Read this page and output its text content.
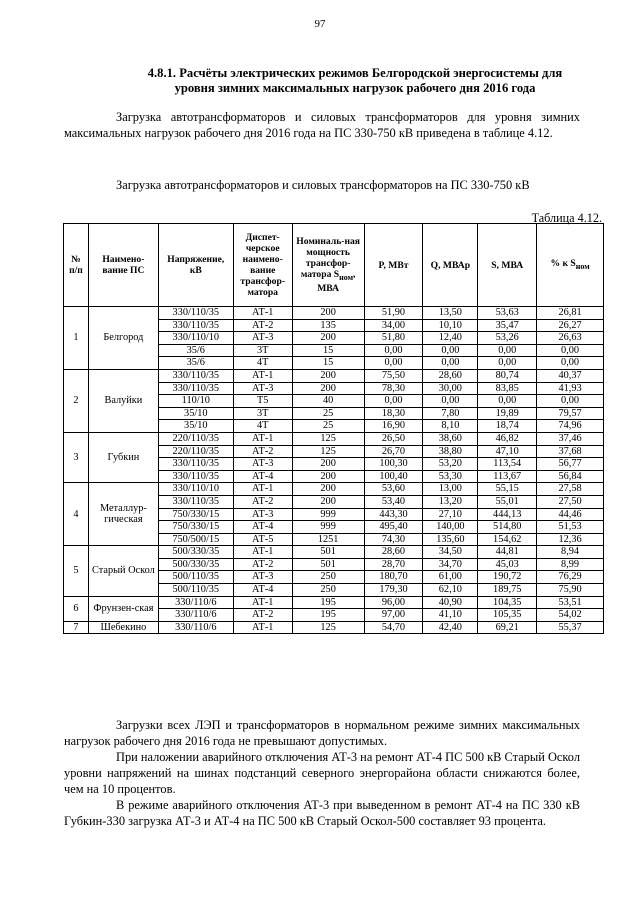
97
4.8.1. Расчёты электрических режимов Белгородской энергосистемы для
уровня зимних максимальных нагрузок рабочего дня 2016 года
Загрузка автотрансформаторов и силовых трансформаторов для уровня зимних максимальных нагрузок рабочего дня 2016 года на ПС 330-750 кВ приведена в таблице 4.12.
Загрузка автотрансформаторов и силовых трансформаторов на ПС 330-750 кВ
Таблица 4.12.
№ п/п	Наимено-вание ПС	Напряжение, кВ	Диспет-черское наимено-вание трансфор-матора	Номиналь-ная мощность трансфор-матора $S_{ном}$, МВА	P, МВт	Q, МВАр	S, МВА	% к $S_{ном}$
1	Белгород	330/110/35	АТ-1	200	51,90	13,50	53,63	26,81
		330/110/35	АТ-2	135	34,00	10,10	35,47	26,27
		330/110/10	АТ-3	200	51,80	12,40	53,26	26,63
		35/6	3Т	15	0,00	0,00	0,00	0,00
		35/6	4Т	15	0,00	0,00	0,00	0,00
2	Валуйки	330/110/35	АТ-1	200	75,50	28,60	80,74	40,37
		330/110/35	АТ-3	200	78,30	30,00	83,85	41,93
		110/10	Т5	40	0,00	0,00	0,00	0,00
		35/10	3Т	25	18,30	7,80	19,89	79,57
		35/10	4Т	25	16,90	8,10	18,74	74,96
3	Губкин	220/110/35	АТ-1	125	26,50	38,60	46,82	37,46
		220/110/35	АТ-2	125	26,70	38,80	47,10	37,68
		330/110/35	АТ-3	200	100,30	53,20	113,54	56,77
		330/110/35	АТ-4	200	100,40	53,30	113,67	56,84
4	Металлур-гическая	330/110/10	АТ-1	200	53,60	13,00	55,15	27,58
		330/110/35	АТ-2	200	53,40	13,20	55,01	27,50
		750/330/15	АТ-3	999	443,30	27,10	444,13	44,46
		750/330/15	АТ-4	999	495,40	140,00	514,80	51,53
		750/500/15	АТ-5	1251	74,30	135,60	154,62	12,36
5	Старый Оскол	500/330/35	АТ-1	501	28,60	34,50	44,81	8,94
		500/330/35	АТ-2	501	28,70	34,70	45,03	8,99
		500/110/35	АТ-3	250	180,70	61,00	190,72	76,29
		500/110/35	АТ-4	250	179,30	62,10	189,75	75,90
6	Фрунзен-ская	330/110/6	АТ-1	195	96,00	40,90	104,35	53,51
		330/110/6	АТ-2	195	97,00	41,10	105,35	54,02
7	Шебекино	330/110/6	АТ-1	125	54,70	42,40	69,21	55,37

Загрузки всех ЛЭП и трансформаторов в нормальном режиме зимних максимальных нагрузок рабочего дня 2016 года не превышают допустимых.

При наложении аварийного отключения АТ-3 на ремонт АТ-4 ПС 500 кВ Старый Оскол уровни напряжений на шинах подстанций северного энергорайона области снижаются более, чем на 10 процентов.

В режиме аварийного отключения АТ-3 при выведенном в ремонт АТ-4 на ПС 330 кВ Губкин-330 загрузка АТ-3 и АТ-4 на ПС 500 кВ Старый Оскол-500 составляет 93 процента.
